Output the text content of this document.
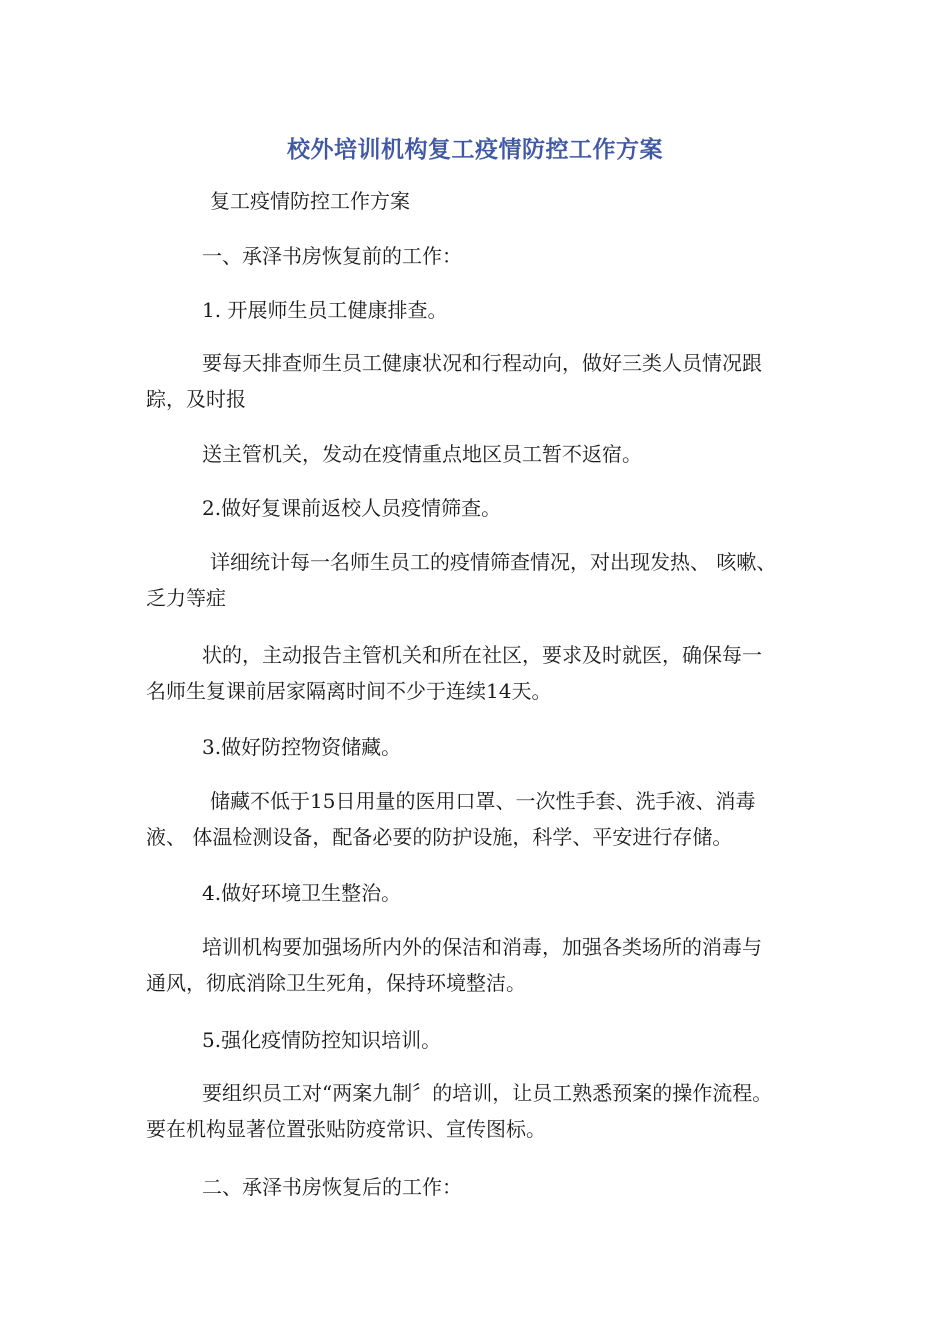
校外培训机构复工疫情防控工作方案
复工疫情防控工作方案
一、承泽书房恢复前的工作：
1. 开展师生员工健康排查。
要每天排查师生员工健康状况和行程动向，做好三类人员情况跟
踪，及时报
送主管机关，发动在疫情重点地区员工暂不返宿。
2.做好复课前返校人员疫情筛查。
详细统计每一名师生员工的疫情筛查情况，对出现发热、 咳嗽、
乏力等症
状的，主动报告主管机关和所在社区，要求及时就医，确保每一
名师生复课前居家隔离时间不少于连续14天。
3.做好防控物资储藏。
储藏不低于15日用量的医用口罩、一次性手套、洗手液、消毒
液、 体温检测设备，配备必要的防护设施，科学、平安进行存储。
4.做好环境卫生整治。
培训机构要加强场所内外的保洁和消毒，加强各类场所的消毒与
通风，彻底消除卫生死角，保持环境整洁。
5.强化疫情防控知识培训。
要组织员工对“两案九制〞的培训，让员工熟悉预案的操作流程。
要在机构显著位置张贴防疫常识、宣传图标。
二、承泽书房恢复后的工作：
